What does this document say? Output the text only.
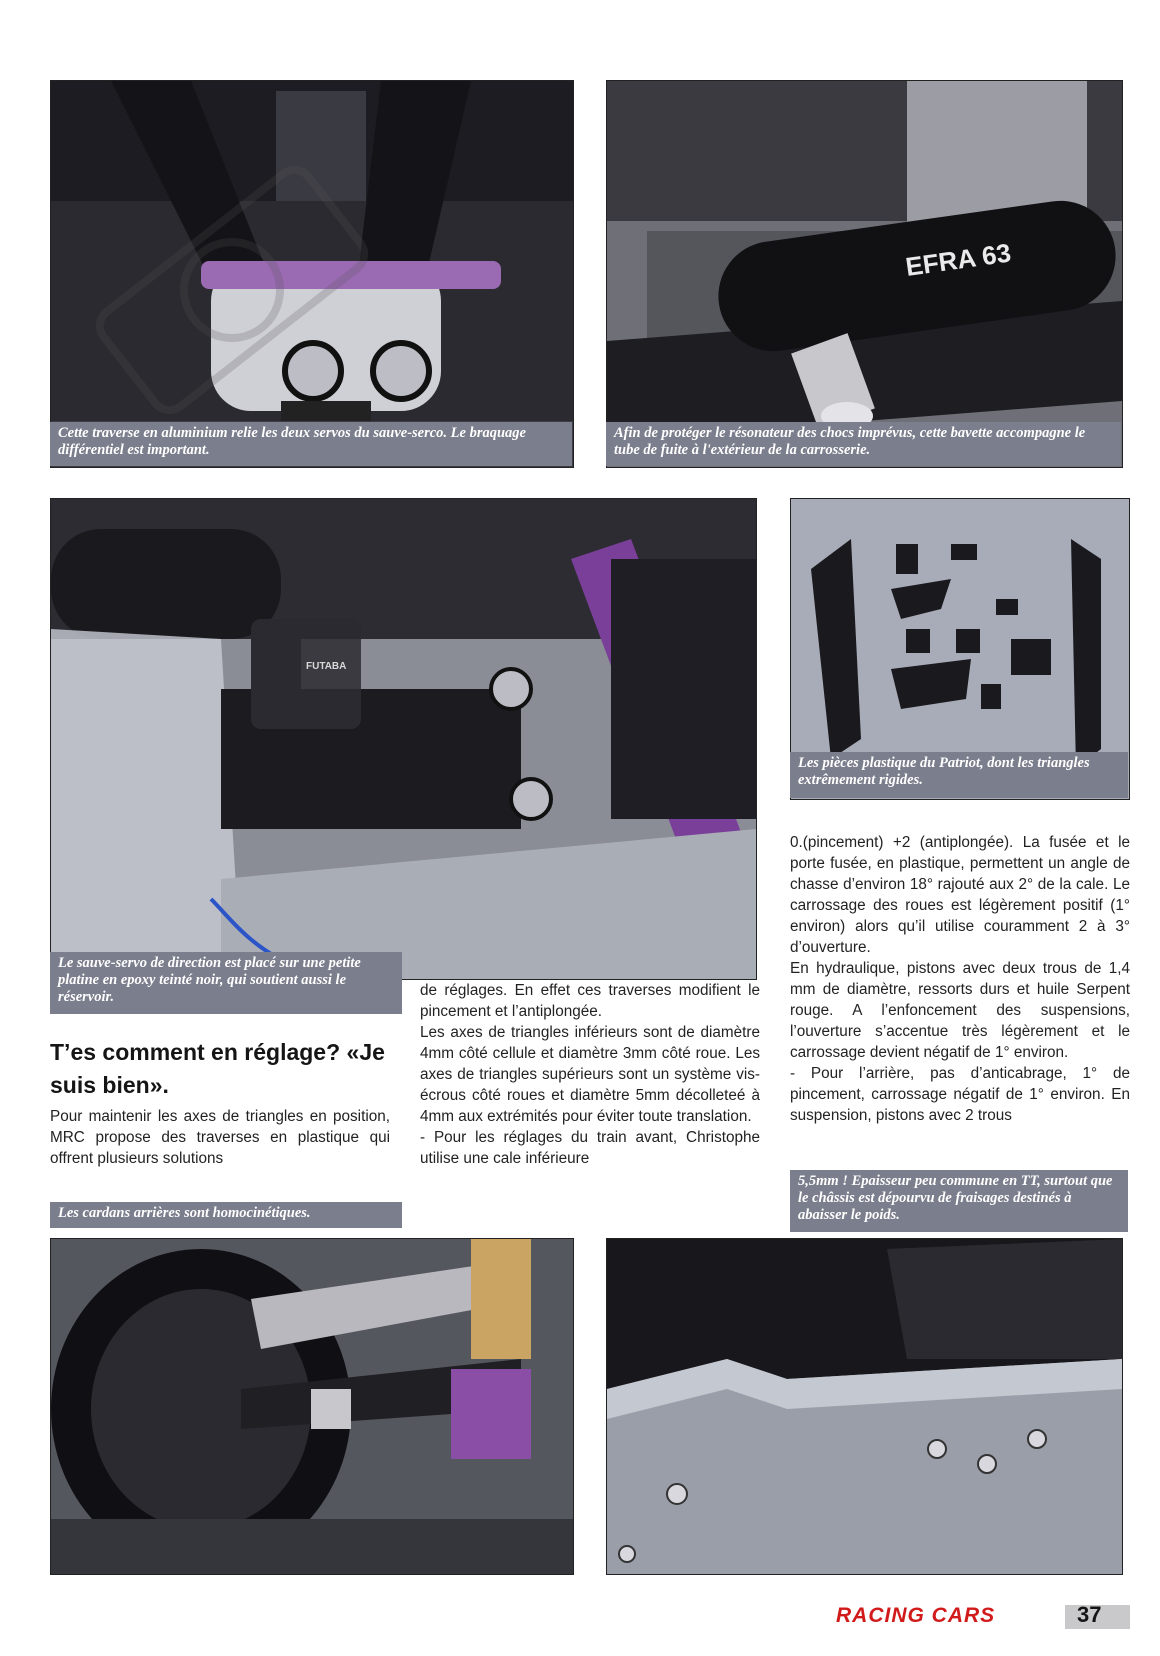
Cette traverse en aluminium relie les deux servos du sauve-serco. Le braquage différentiel est important.
EFRA 63
Afin de protéger le résonateur des chocs imprévus, cette bavette accompagne le tube de fuite à l'extérieur de la carrosserie.
FUTABA
Le sauve-servo de direction est placé sur une petite platine en epoxy teinté noir, qui soutient aussi le réservoir.
Les pièces plastique du Patriot, dont les triangles extrêmement rigides.
T’es comment en réglage? «Je suis bien».

Pour maintenir les axes de triangles en position, MRC propose des traverses en plastique qui offrent plusieurs solutions

de réglages. En effet ces traverses modifient le pincement et l’antiplongée.

Les axes de triangles inférieurs sont de diamètre 4mm côté cellule et diamètre 3mm côté roue. Les axes de triangles supérieurs sont un système vis-écrous côté roues et diamètre 5mm décolleteé à 4mm aux extrémités pour éviter toute translation.

- Pour les réglages du train avant, Christophe utilise une cale inférieure

0.(pincement) +2 (antiplongée). La fusée et le porte fusée, en plastique, permettent un angle de chasse d’environ 18° rajouté aux 2° de la cale. Le carrossage des roues est légèrement positif (1° environ) alors qu’il utilise couramment 2 à 3° d’ouverture.

En hydraulique, pistons avec deux trous de 1,4 mm de diamètre, ressorts durs et huile Serpent rouge. A l’enfoncement des suspensions, l’ouverture s’accentue très légèrement et le carrossage devient négatif de 1° environ.

- Pour l’arrière, pas d’anticabrage, 1° de pincement, carrossage négatif de 1° environ. En suspension, pistons avec 2 trous

Les cardans arrières sont homocinétiques.
5,5mm ! Epaisseur peu commune en TT, surtout que le châssis est dépourvu de fraisages destinés à abaisser le poids.
RACING CARS	37
